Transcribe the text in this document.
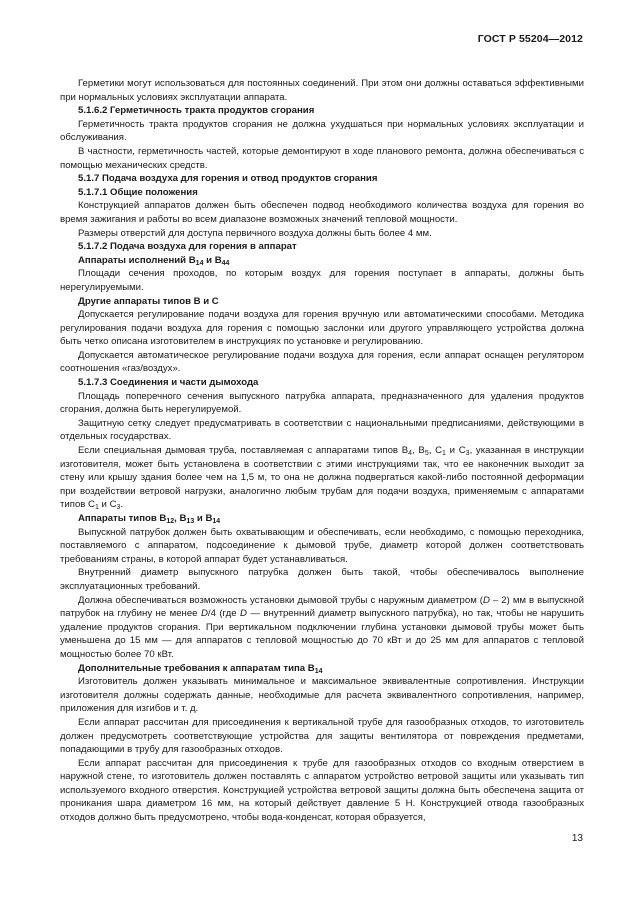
ГОСТ Р 55204—2012

Герметики могут использоваться для постоянных соединений. При этом они должны оставаться эффективными при нормальных условиях эксплуатации аппарата.

5.1.6.2 Герметичность тракта продуктов сгорания

Герметичность тракта продуктов сгорания не должна ухудшаться при нормальных условиях эксплуатации и обслуживания.

В частности, герметичность частей, которые демонтируют в ходе планового ремонта, должна обеспечиваться с помощью механических средств.

5.1.7 Подача воздуха для горения и отвод продуктов сгорания

5.1.7.1 Общие положения

Конструкцией аппаратов должен быть обеспечен подвод необходимого количества воздуха для горения во время зажигания и работы во всем диапазоне возможных значений тепловой мощности.

Размеры отверстий для доступа первичного воздуха должны быть более 4 мм.

5.1.7.2 Подача воздуха для горения в аппарат

Аппараты исполнений $B_{14}$ и $B_{44}$

Площади сечения проходов, по которым воздух для горения поступает в аппараты, должны быть нерегулируемыми.

Другие аппараты типов B и C

Допускается регулирование подачи воздуха для горения вручную или автоматическими способами. Методика регулирования подачи воздуха для горения с помощью заслонки или другого управляющего устройства должна быть четко описана изготовителем в инструкциях по установке и регулированию.

Допускается автоматическое регулирование подачи воздуха для горения, если аппарат оснащен регулятором соотношения «газ/воздух».

5.1.7.3 Соединения и части дымохода

Площадь поперечного сечения выпускного патрубка аппарата, предназначенного для удаления продуктов сгорания, должна быть нерегулируемой.

Защитную сетку следует предусматривать в соответствии с национальными предписаниями, действующими в отдельных государствах.

Если специальная дымовая труба, поставляемая с аппаратами типов $B_4$, $B_5$, $C_1$ и $C_3$, указанная в инструкции изготовителя, может быть установлена в соответствии с этими инструкциями так, что ее наконечник выходит за стену или крышу здания более чем на 1,5 м, то она не должна подвергаться какой-либо постоянной деформации при воздействии ветровой нагрузки, аналогично любым трубам для подачи воздуха, применяемым с аппаратами типов $C_1$ и $C_3$.

Аппараты типов $B_{12}$, $B_{13}$ и $B_{14}$

Выпускной патрубок должен быть охватывающим и обеспечивать, если необходимо, с помощью переходника, поставляемого с аппаратом, подсоединение к дымовой трубе, диаметр которой должен соответствовать требованиям страны, в которой аппарат будет устанавливаться.

Внутренний диаметр выпускного патрубка должен быть такой, чтобы обеспечивалось выполнение эксплуатационных требований.

Должна обеспечиваться возможность установки дымовой трубы с наружным диаметром (D – 2) мм в выпускной патрубок на глубину не менее D/4 (где D — внутренний диаметр выпускного патрубка), но так, чтобы не нарушить удаление продуктов сгорания. При вертикальном подключении глубина установки дымовой трубы может быть уменьшена до 15 мм — для аппаратов с тепловой мощностью до 70 кВт и до 25 мм для аппаратов с тепловой мощностью более 70 кВт.

Дополнительные требования к аппаратам типа $B_{14}$

Изготовитель должен указывать минимальное и максимальное эквивалентные сопротивления. Инструкции изготовителя должны содержать данные, необходимые для расчета эквивалентного сопротивления, например, приложения для изгибов и т. д.

Если аппарат рассчитан для присоединения к вертикальной трубе для газообразных отходов, то изготовитель должен предусмотреть соответствующие устройства для защиты вентилятора от повреждения предметами, попадающими в трубу для газообразных отходов.

Если аппарат рассчитан для присоединения к трубе для газообразных отходов со входным отверстием в наружной стене, то изготовитель должен поставлять с аппаратом устройство ветровой защиты или указывать тип используемого входного отверстия. Конструкцией устройства ветровой защиты должна быть обеспечена защита от проникания шара диаметром 16 мм, на который действует давление 5 Н. Конструкцией отвода газообразных отходов должно быть предусмотрено, чтобы вода-конденсат, которая образуется,

13
